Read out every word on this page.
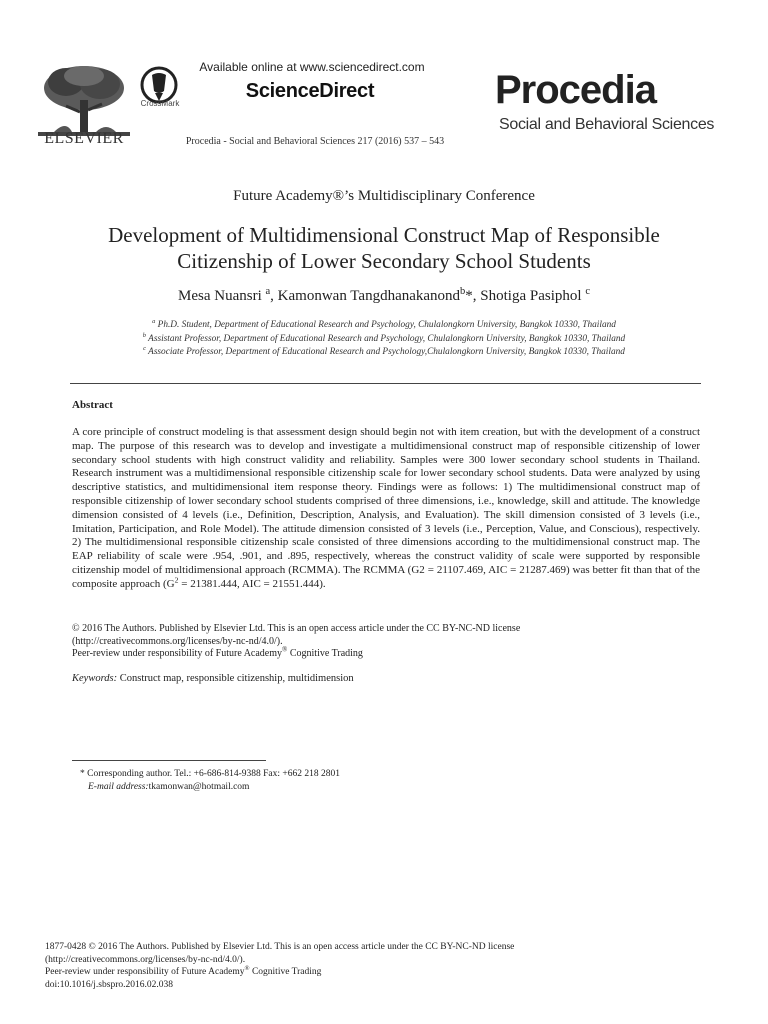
ELSEVIER
CrossMark
Available online at www.sciencedirect.com
ScienceDirect
Procedia - Social and Behavioral Sciences 217 (2016) 537 – 543
Procedia
Social and Behavioral Sciences
Future Academy®’s Multidisciplinary Conference
Development of Multidimensional Construct Map of Responsible
Citizenship of Lower Secondary School Students
Mesa Nuansri $^a$, Kamonwan Tangdhanakanond$^b$*, Shotiga Pasiphol $^c$
$^a$ Ph.D. Student, Department of Educational Research and Psychology, Chulalongkorn University, Bangkok 10330, Thailand
$^b$ Assistant Professor, Department of Educational Research and Psychology, Chulalongkorn University, Bangkok 10330, Thailand
$^c$ Associate Professor, Department of Educational Research and Psychology,Chulalongkorn University, Bangkok 10330, Thailand
Abstract
A core principle of construct modeling is that assessment design should begin not with item creation, but with the development of a construct map. The purpose of this research was to develop and investigate a multidimensional construct map of responsible citizenship of lower secondary school students with high construct validity and reliability. Samples were 300 lower secondary school students in Thailand. Research instrument was a multidimensional responsible citizenship scale for lower secondary school students. Data were analyzed by using descriptive statistics, and multidimensional item response theory. Findings were as follows: 1) The multidimensional construct map of responsible citizenship of lower secondary school students comprised of three dimensions, i.e., knowledge, skill and attitude. The knowledge dimension consisted of 4 levels (i.e., Definition, Description, Analysis, and Evaluation). The skill dimension consisted of 3 levels (i.e., Imitation, Participation, and Role Model). The attitude dimension consisted of 3 levels (i.e., Perception, Value, and Conscious), respectively. 2) The multidimensional responsible citizenship scale consisted of three dimensions according to the multidimensional construct map. The EAP reliability of scale were .954, .901, and .895, respectively, whereas the construct validity of scale were supported by responsible citizenship model of multidimensional approach (RCMMA). The RCMMA (G2 = 21107.469, AIC = 21287.469) was better fit than that of the composite approach ($G^2 = 21381.444$, AIC = 21551.444).
© 2016 The Authors. Published by Elsevier Ltd. This is an open access article under the CC BY-NC-ND license
(http://creativecommons.org/licenses/by-nc-nd/4.0/).
Peer-review under responsibility of Future Academy® Cognitive Trading
Keywords: Construct map, responsible citizenship, multidimension
* Corresponding author. Tel.: +6-686-814-9388 Fax: +662 218 2801
E-mail address:tkamonwan@hotmail.com
1877-0428 © 2016 The Authors. Published by Elsevier Ltd. This is an open access article under the CC BY-NC-ND license
(http://creativecommons.org/licenses/by-nc-nd/4.0/).
Peer-review under responsibility of Future Academy® Cognitive Trading
doi:10.1016/j.sbspro.2016.02.038
